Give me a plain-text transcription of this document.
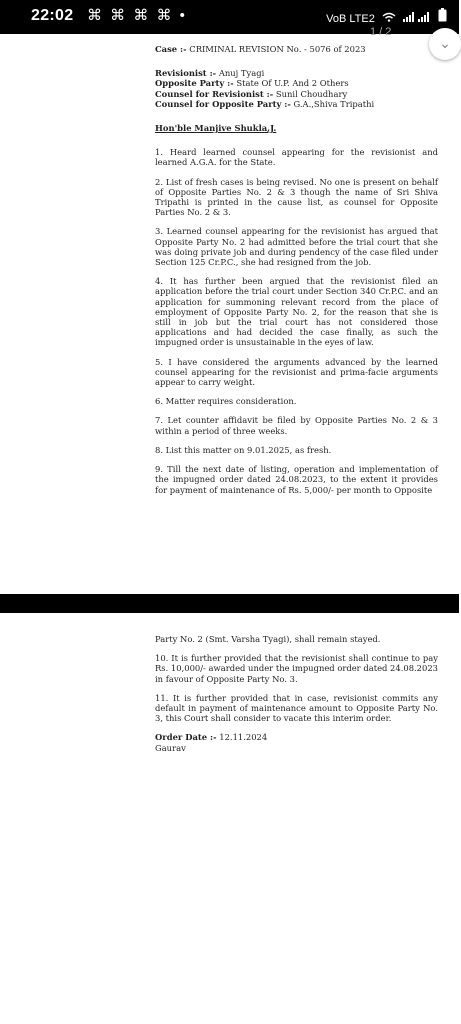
22:02 ⌘ ⌘ ⌘ ⌘ •	VoB LTE2
1 / 2
⌄

Case :- CRIMINAL REVISION No. - 5076 of 2023

Revisionist :- Anuj Tyagi

Opposite Party :- State Of U.P. And 2 Others

Counsel for Revisionist :- Sunil Choudhary

Counsel for Opposite Party :- G.A.,Shiva Tripathi

Hon'ble Manjive Shukla,J.

1. Heard learned counsel appearing for the revisionist and learned A.G.A. for the State.

2. List of fresh cases is being revised. No one is present on behalf of Opposite Parties No. 2 & 3 though the name of Sri Shiva Tripathi is printed in the cause list, as counsel for Opposite Parties No. 2 & 3.

3. Learned counsel appearing for the revisionist has argued that Opposite Party No. 2 had admitted before the trial court that she was doing private job and during pendency of the case filed under Section 125 Cr.P.C., she had resigned from the job.

4. It has further been argued that the revisionist filed an application before the trial court under Section 340 Cr.P.C. and an application for summoning relevant record from the place of employment of Opposite Party No. 2, for the reason that she is still in job but the trial court has not considered those applications and had decided the case finally, as such the impugned order is unsustainable in the eyes of law.

5. I have considered the arguments advanced by the learned counsel appearing for the revisionist and prima-facie arguments appear to carry weight.

6. Matter requires consideration.

7. Let counter affidavit be filed by Opposite Parties No. 2 & 3 within a period of three weeks.

8. List this matter on 9.01.2025, as fresh.

9. Till the next date of listing, operation and implementation of the impugned order dated 24.08.2023, to the extent it provides for payment of maintenance of Rs. 5,000/- per month to Opposite

Party No. 2 (Smt. Varsha Tyagi), shall remain stayed.

10. It is further provided that the revisionist shall continue to pay Rs. 10,000/- awarded under the impugned order dated 24.08.2023 in favour of Opposite Party No. 3.

11. It is further provided that in case, revisionist commits any default in payment of maintenance amount to Opposite Party No. 3, this Court shall consider to vacate this interim order.

Order Date :- 12.11.2024

Gaurav
